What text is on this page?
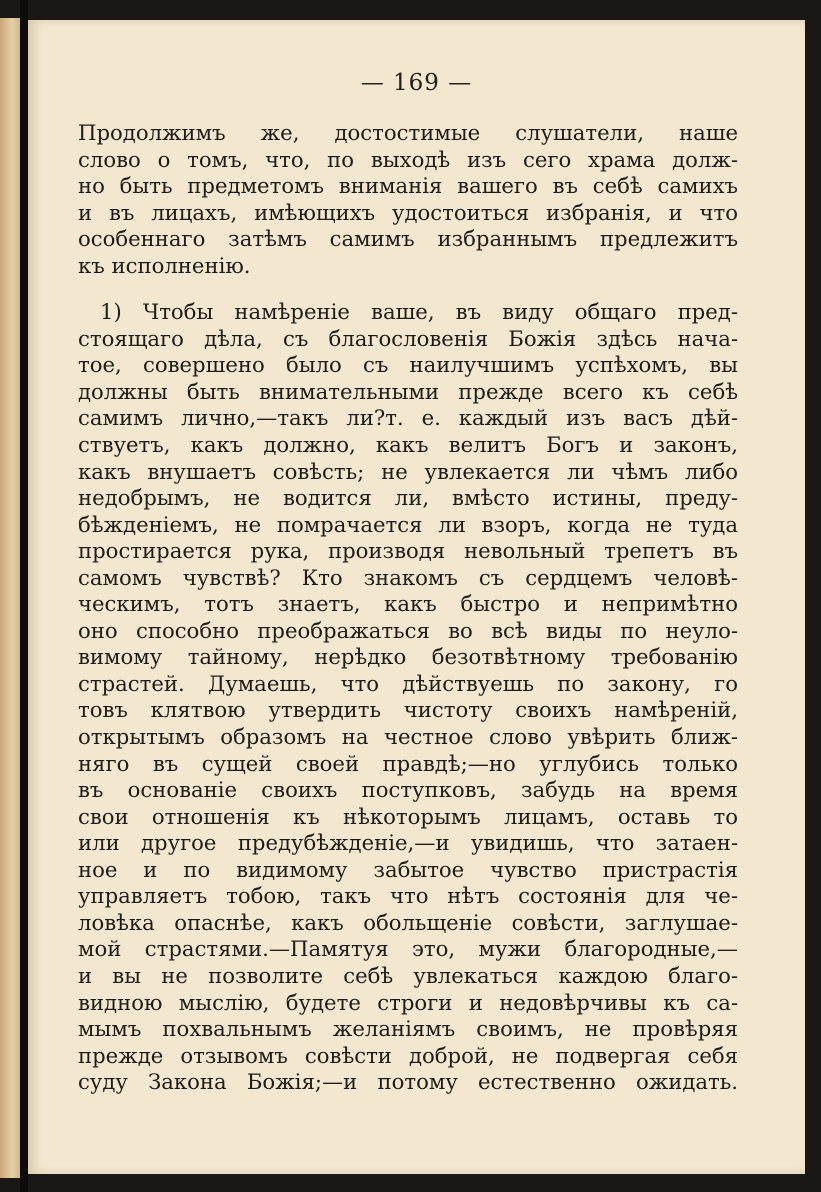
— 169 —
Продолжимъ же, достостимые слушатели, наше
слово о томъ, что, по выходѣ изъ сего храма долж-
но быть предметомъ вниманія вашего въ себѣ самихъ
и въ лицахъ, имѣющихъ удостоиться избранія, и что
особеннаго затѣмъ самимъ избраннымъ предлежитъ
къ исполненію.
1) Чтобы намѣреніе ваше, въ виду общаго пред-
стоящаго дѣла, съ благословенія Божія здѣсь нача-
тое, совершено было съ наилучшимъ успѣхомъ, вы
должны быть внимательными прежде всего къ себѣ
самимъ лично,—такъ ли?т. е. каждый изъ васъ дѣй-
ствуетъ, какъ должно, какъ велитъ Богъ и законъ,
какъ внушаетъ совѣсть; не увлекается ли чѣмъ либо
недобрымъ, не водится ли, вмѣсто истины, преду-
бѣжденіемъ, не помрачается ли взоръ, когда не туда
простирается рука, производя невольный трепетъ въ
самомъ чувствѣ? Кто знакомъ съ сердцемъ человѣ-
ческимъ, тотъ знаетъ, какъ быстро и непримѣтно
оно способно преображаться во всѣ виды по неуло-
вимому тайному, нерѣдко безотвѣтному требованію
страстей. Думаешь, что дѣйствуешь по закону, го
товъ клятвою утвердить чистоту своихъ намѣреній,
открытымъ образомъ на честное слово увѣрить ближ-
няго въ сущей своей правдѣ;—но углубись только
въ основаніе своихъ поступковъ, забудь на время
свои отношенія къ нѣкоторымъ лицамъ, оставь то
или другое предубѣжденіе,—и увидишь, что затаен-
ное и по видимому забытое чувство пристрастія
управляетъ тобою, такъ что нѣтъ состоянія для че-
ловѣка опаснѣе, какъ обольщеніе совѣсти, заглушае-
мой страстями.—Памятуя это, мужи благородные,—
и вы не позволите себѣ увлекаться каждою благо-
видною мыслію, будете строги и недовѣрчивы къ са-
мымъ похвальнымъ желаніямъ своимъ, не провѣряя
прежде отзывомъ совѣсти доброй, не подвергая себя
суду Закона Божія;—и потому естественно ожидать.
